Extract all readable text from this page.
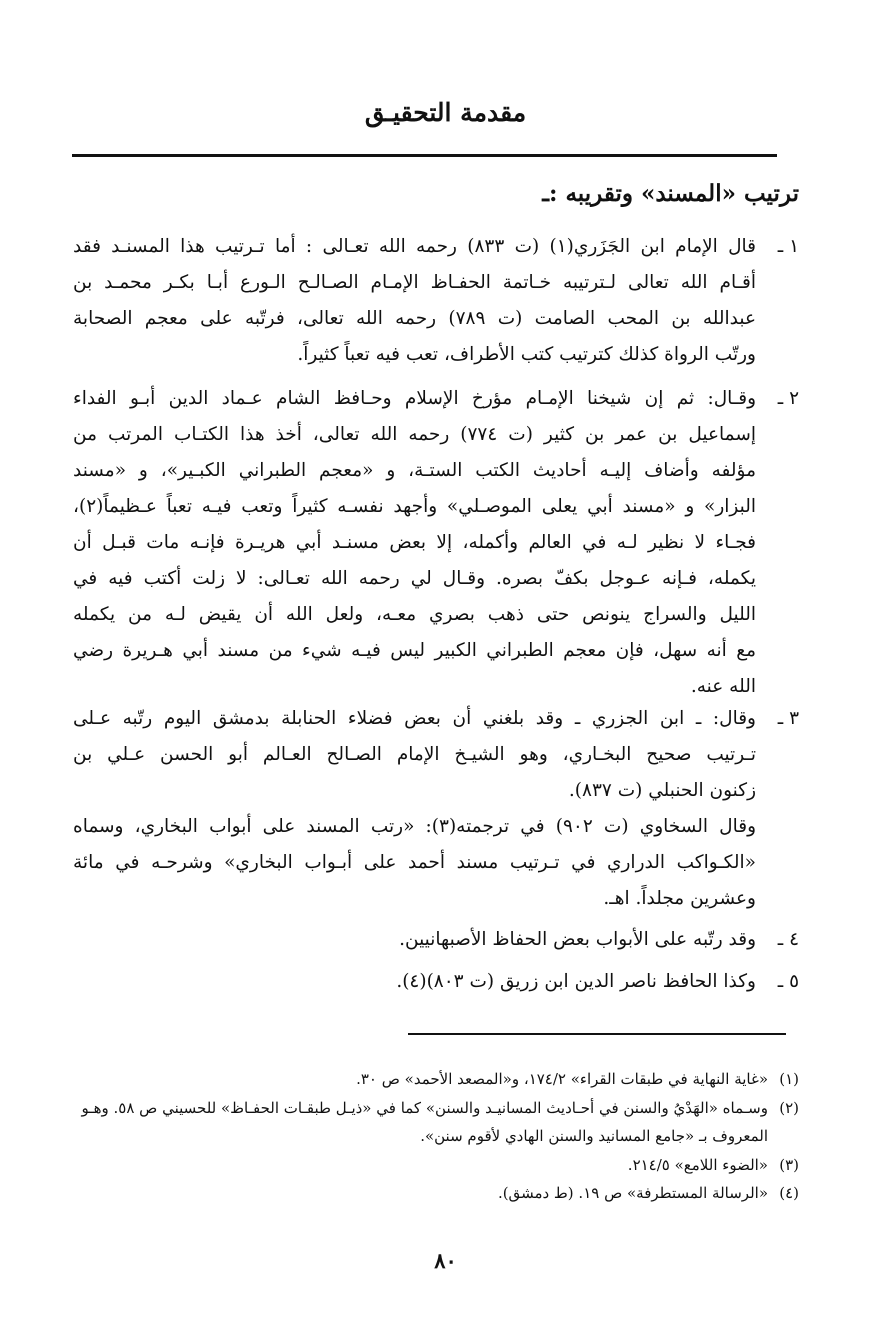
مقدمة التحقيـق
ترتيب «المسند» وتقريبه :ـ
١ ـ
قال الإمام ابن الجَزَري(١) (ت ٨٣٣) رحمه الله تعـالى : أما تـرتيب هذا المسنـد فقد
أقـام الله تعالى لـترتيبه خـاتمة الحفـاظ الإمـام الصـالـح الـورع أبـا بكـر محمـد بن
عبدالله بن المحب الصامت (ت ٧٨٩) رحمه الله تعالى، فرتّبه على معجم الصحابة
ورتّب الرواة كذلك كترتيب كتب الأطراف، تعب فيه تعباً كثيراً.
٢ ـ
وقـال: ثم إن شيخنا الإمـام مؤرخ الإسلام وحـافظ الشام عـماد الدين أبـو الفداء
إسماعيل بن عمر بن كثير (ت ٧٧٤) رحمه الله تعالى، أخذ هذا الكتـاب المرتب من
مؤلفه وأضاف إليـه أحاديث الكتب الستـة، و «معجم الطبراني الكبـير»، و «مسند
البزار» و «مسند أبي يعلى الموصـلي» وأجهد نفسـه كثيراً وتعب فيـه تعباً عـظيماً(٢)،
فجـاء لا نظير لـه في العالم وأكمله، إلا بعض مسنـد أبي هريـرة فإنـه مات قبـل أن
يكمله، فـإنه عـوجل بكفّ بصره. وقـال لي رحمه الله تعـالى: لا زلت أكتب فيه في
الليل والسراج ينونص حتى ذهب بصري معـه، ولعل الله أن يقيض لـه من يكمله
مع أنه سهل، فإن معجم الطبراني الكبير ليس فيـه شيء من مسند أبي هـريرة رضي
الله عنه.
٣ ـ
وقال: ـ ابن الجزري ـ وقد بلغني أن بعض فضلاء الحنابلة بدمشق اليوم رتّبه عـلى
تـرتيب صحيح البخـاري، وهو الشيـخ الإمام الصـالح العـالم أبو الحسن عـلي بن
زكنون الحنبلي (ت ٨٣٧).
وقال السخاوي (ت ٩٠٢) في ترجمته(٣): «رتب المسند على أبواب البخاري، وسماه
«الكـواكب الدراري في تـرتيب مسند أحمد على أبـواب البخاري» وشرحـه في مائة
وعشرين مجلداً. اهـ.
٤ ـ
وقد رتّبه على الأبواب بعض الحفاظ الأصبهانيين.
٥ ـ
وكذا الحافظ ناصر الدين ابن زريق (ت ٨٠٣)(٤).
(١)
«غاية النهاية في طبقات القراء» ١٧٤/٢، و«المصعد الأحمد» ص ٣٠.
(٢)
وسـماه «الهَدْيُ والسنن في أحـاديث المسانيـد والسنن» كما في «ذيـل طبقـات الحفـاظ» للحسيني ص ٥٨. وهـو
المعروف بـ «جامع المسانيد والسنن الهادي لأقوم سنن».
(٣)
«الضوء اللامع» ٢١٤/٥.
(٤)
«الرسالة المستطرفة» ص ١٩. (ط دمشق).
٨٠
